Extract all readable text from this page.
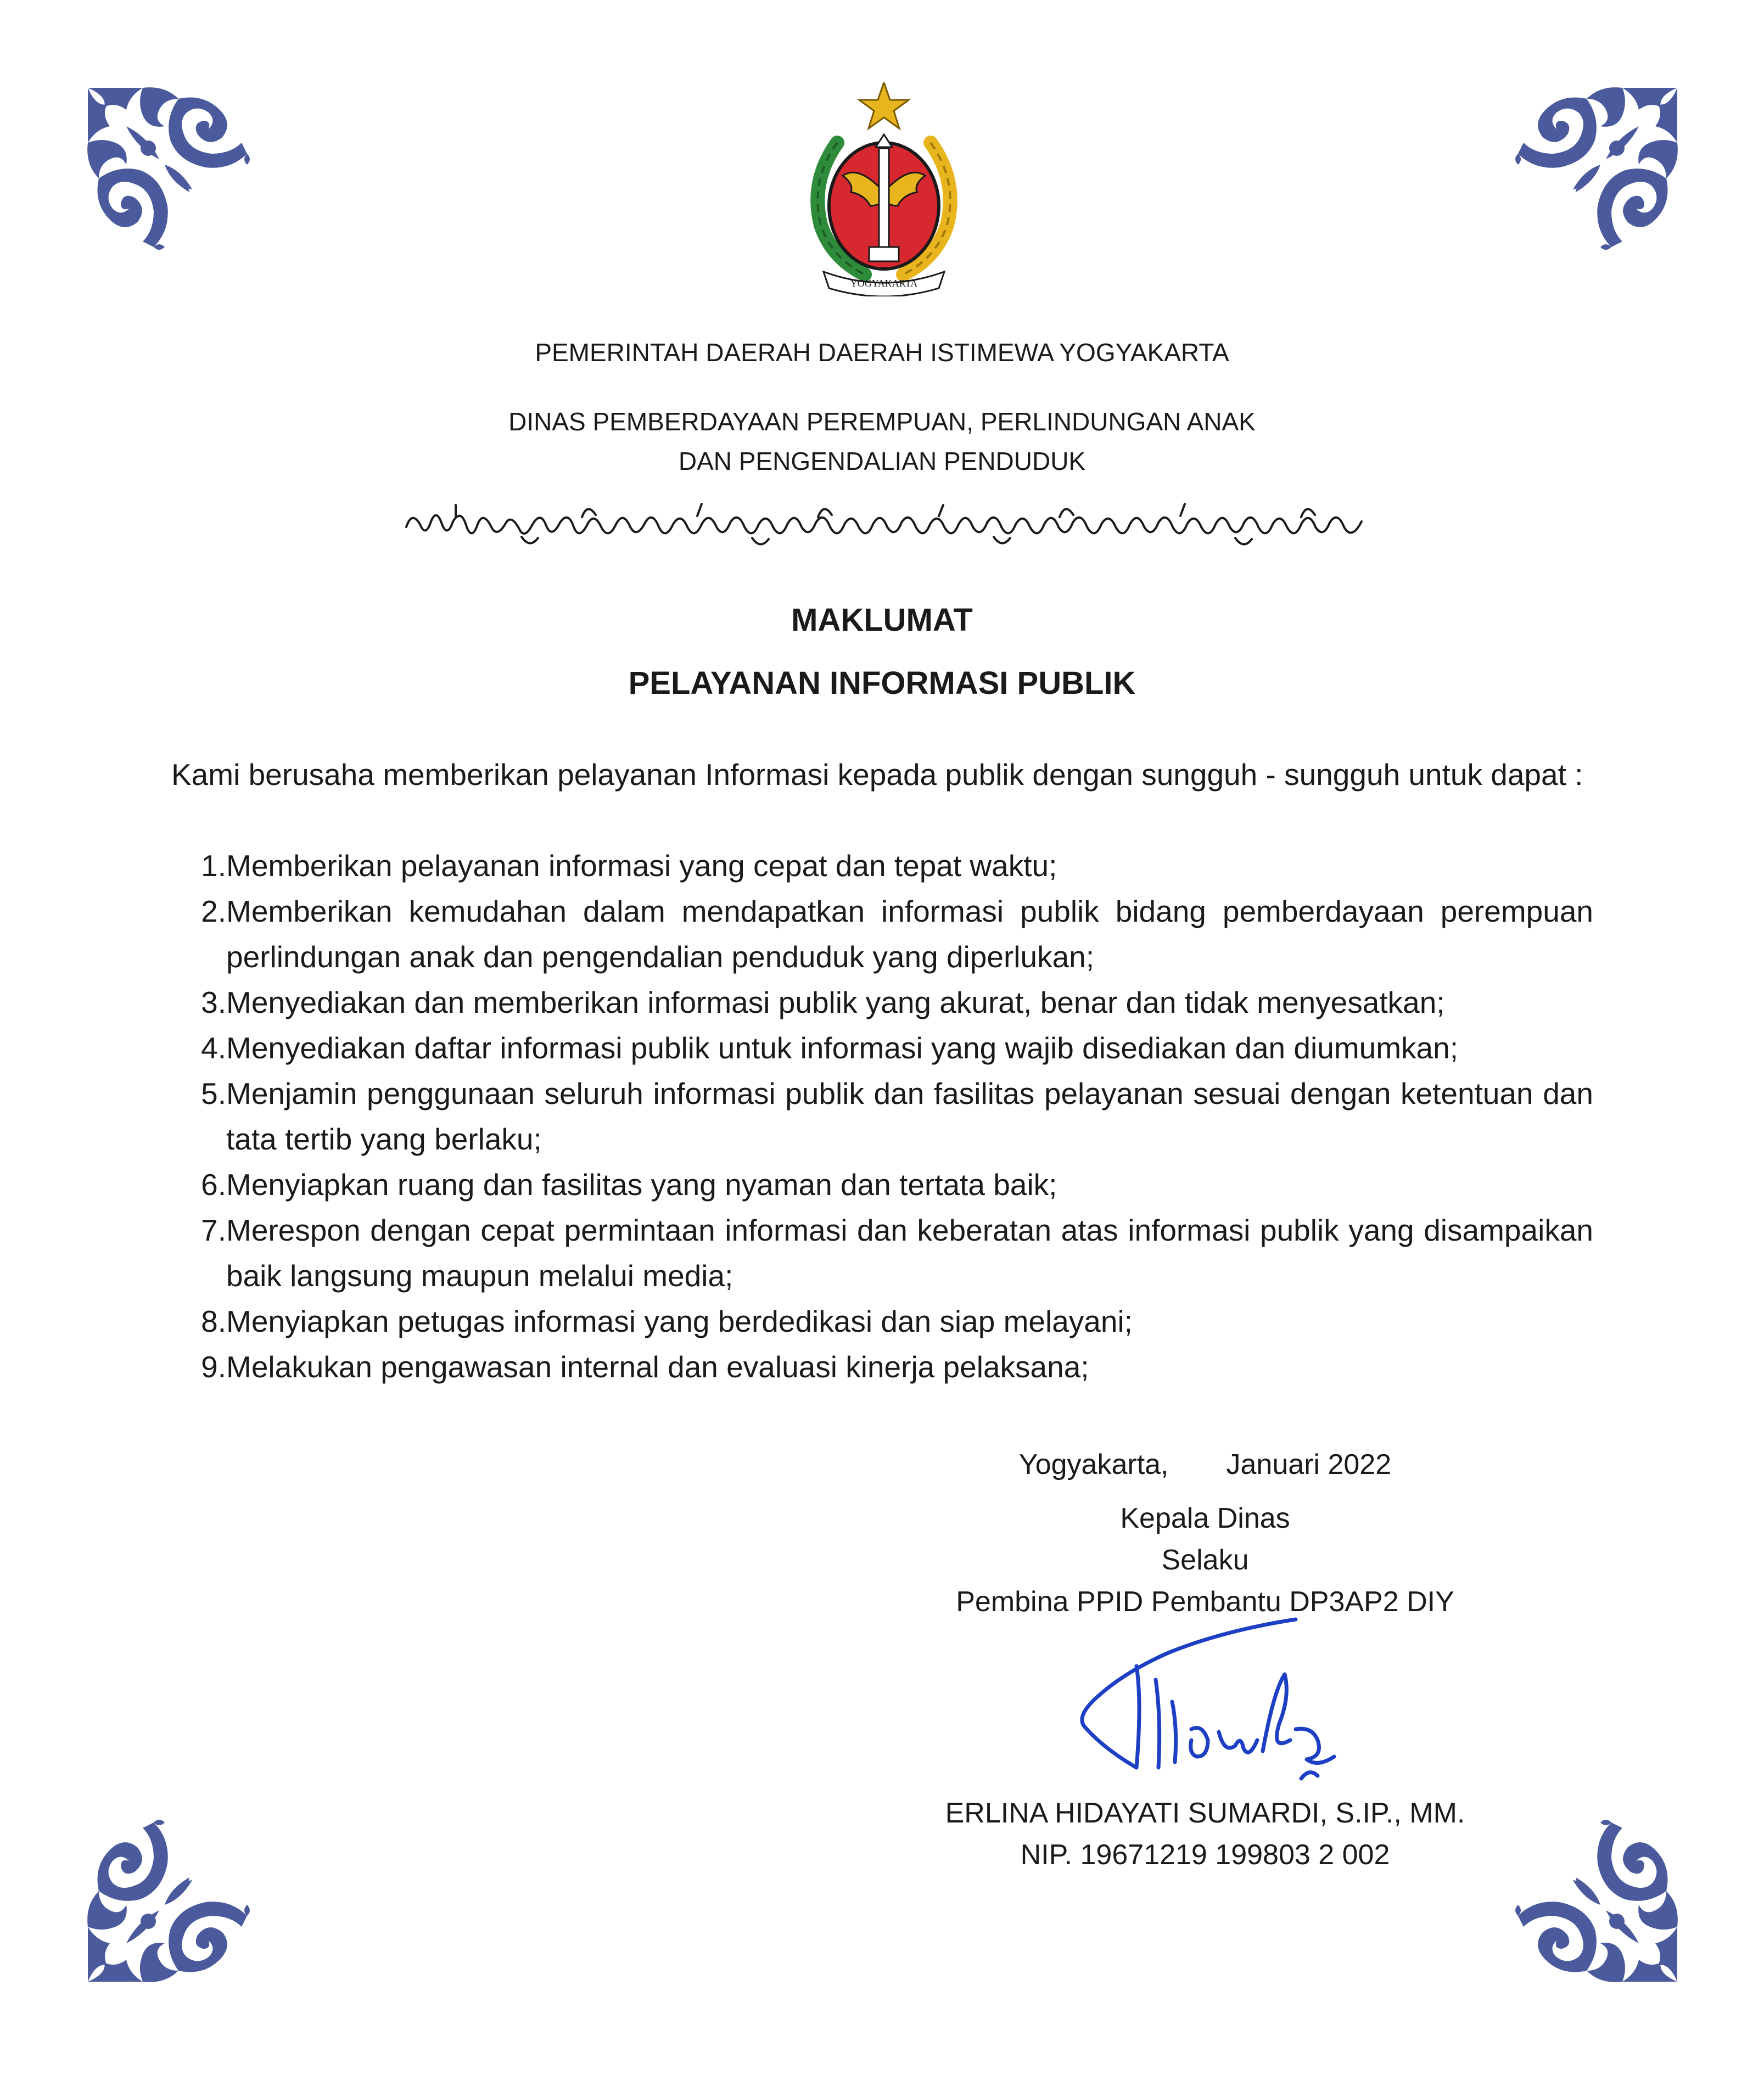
YOGYAKARTA
PEMERINTAH DAERAH DAERAH ISTIMEWA YOGYAKARTA
DINAS PEMBERDAYAAN PEREMPUAN, PERLINDUNGAN ANAK
DAN PENGENDALIAN PENDUDUK
MAKLUMAT
PELAYANAN INFORMASI PUBLIK

Kami berusaha memberikan pelayanan Informasi kepada publik dengan sungguh - sungguh untuk dapat :

1. Memberikan pelayanan informasi yang cepat dan tepat waktu;
2. Memberikan kemudahan dalam mendapatkan informasi publik bidang pemberdayaan perempuan perlindungan anak dan pengendalian penduduk yang diperlukan;
3. Menyediakan dan memberikan informasi publik yang akurat, benar dan tidak menyesatkan;
4. Menyediakan daftar informasi publik untuk informasi yang wajib disediakan dan diumumkan;
5. Menjamin penggunaan seluruh informasi publik dan fasilitas pelayanan sesuai dengan ketentuan dan tata tertib yang berlaku;
6. Menyiapkan ruang dan fasilitas yang nyaman dan tertata baik;
7. Merespon dengan cepat permintaan informasi dan keberatan atas informasi publik yang disampaikan baik langsung maupun melalui media;
8. Menyiapkan petugas informasi yang berdedikasi dan siap melayani;
9. Melakukan pengawasan internal dan evaluasi kinerja pelaksana;
Yogyakarta, Januari 2022
Kepala Dinas
Selaku
Pembina PPID Pembantu DP3AP2 DIY
ERLINA HIDAYATI SUMARDI, S.IP., MM.
NIP. 19671219 199803 2 002
